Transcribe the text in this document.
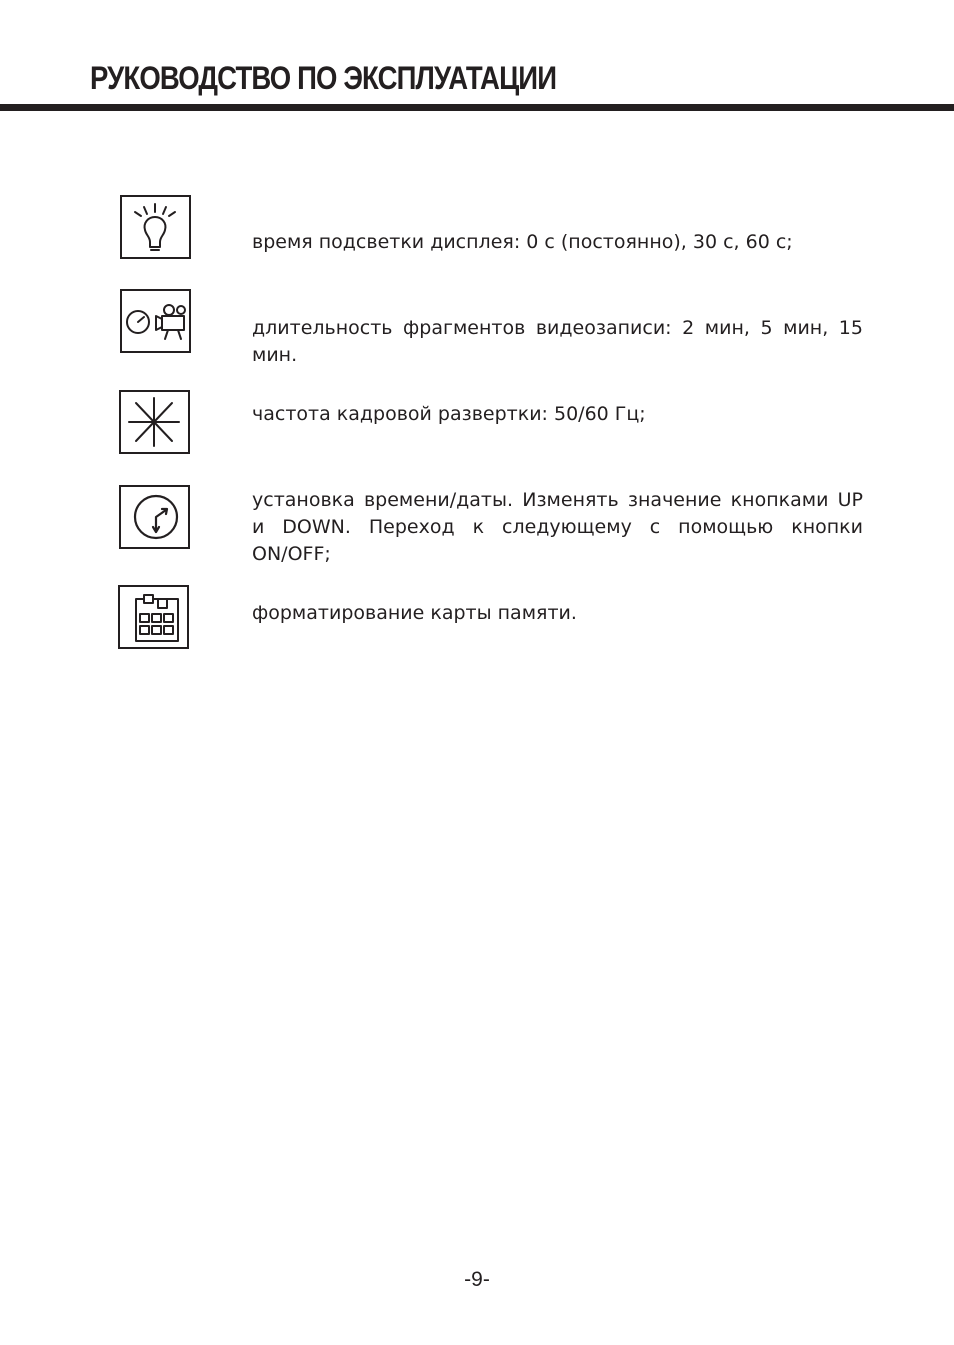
РУКОВОДСТВО ПО ЭКСПЛУАТАЦИИ

время подсветки дисплея: 0 с (постоянно), 30 с, 60 с;

длительность фрагментов видеозаписи: 2 мин, 5 мин, 15 мин.

частота кадровой развертки: 50/60 Гц;

установка времени/даты. Изменять значение кнопками UP и DOWN. Переход к следующему с помощью кнопки ON/OFF;

форматирование карты памяти.

-9-
